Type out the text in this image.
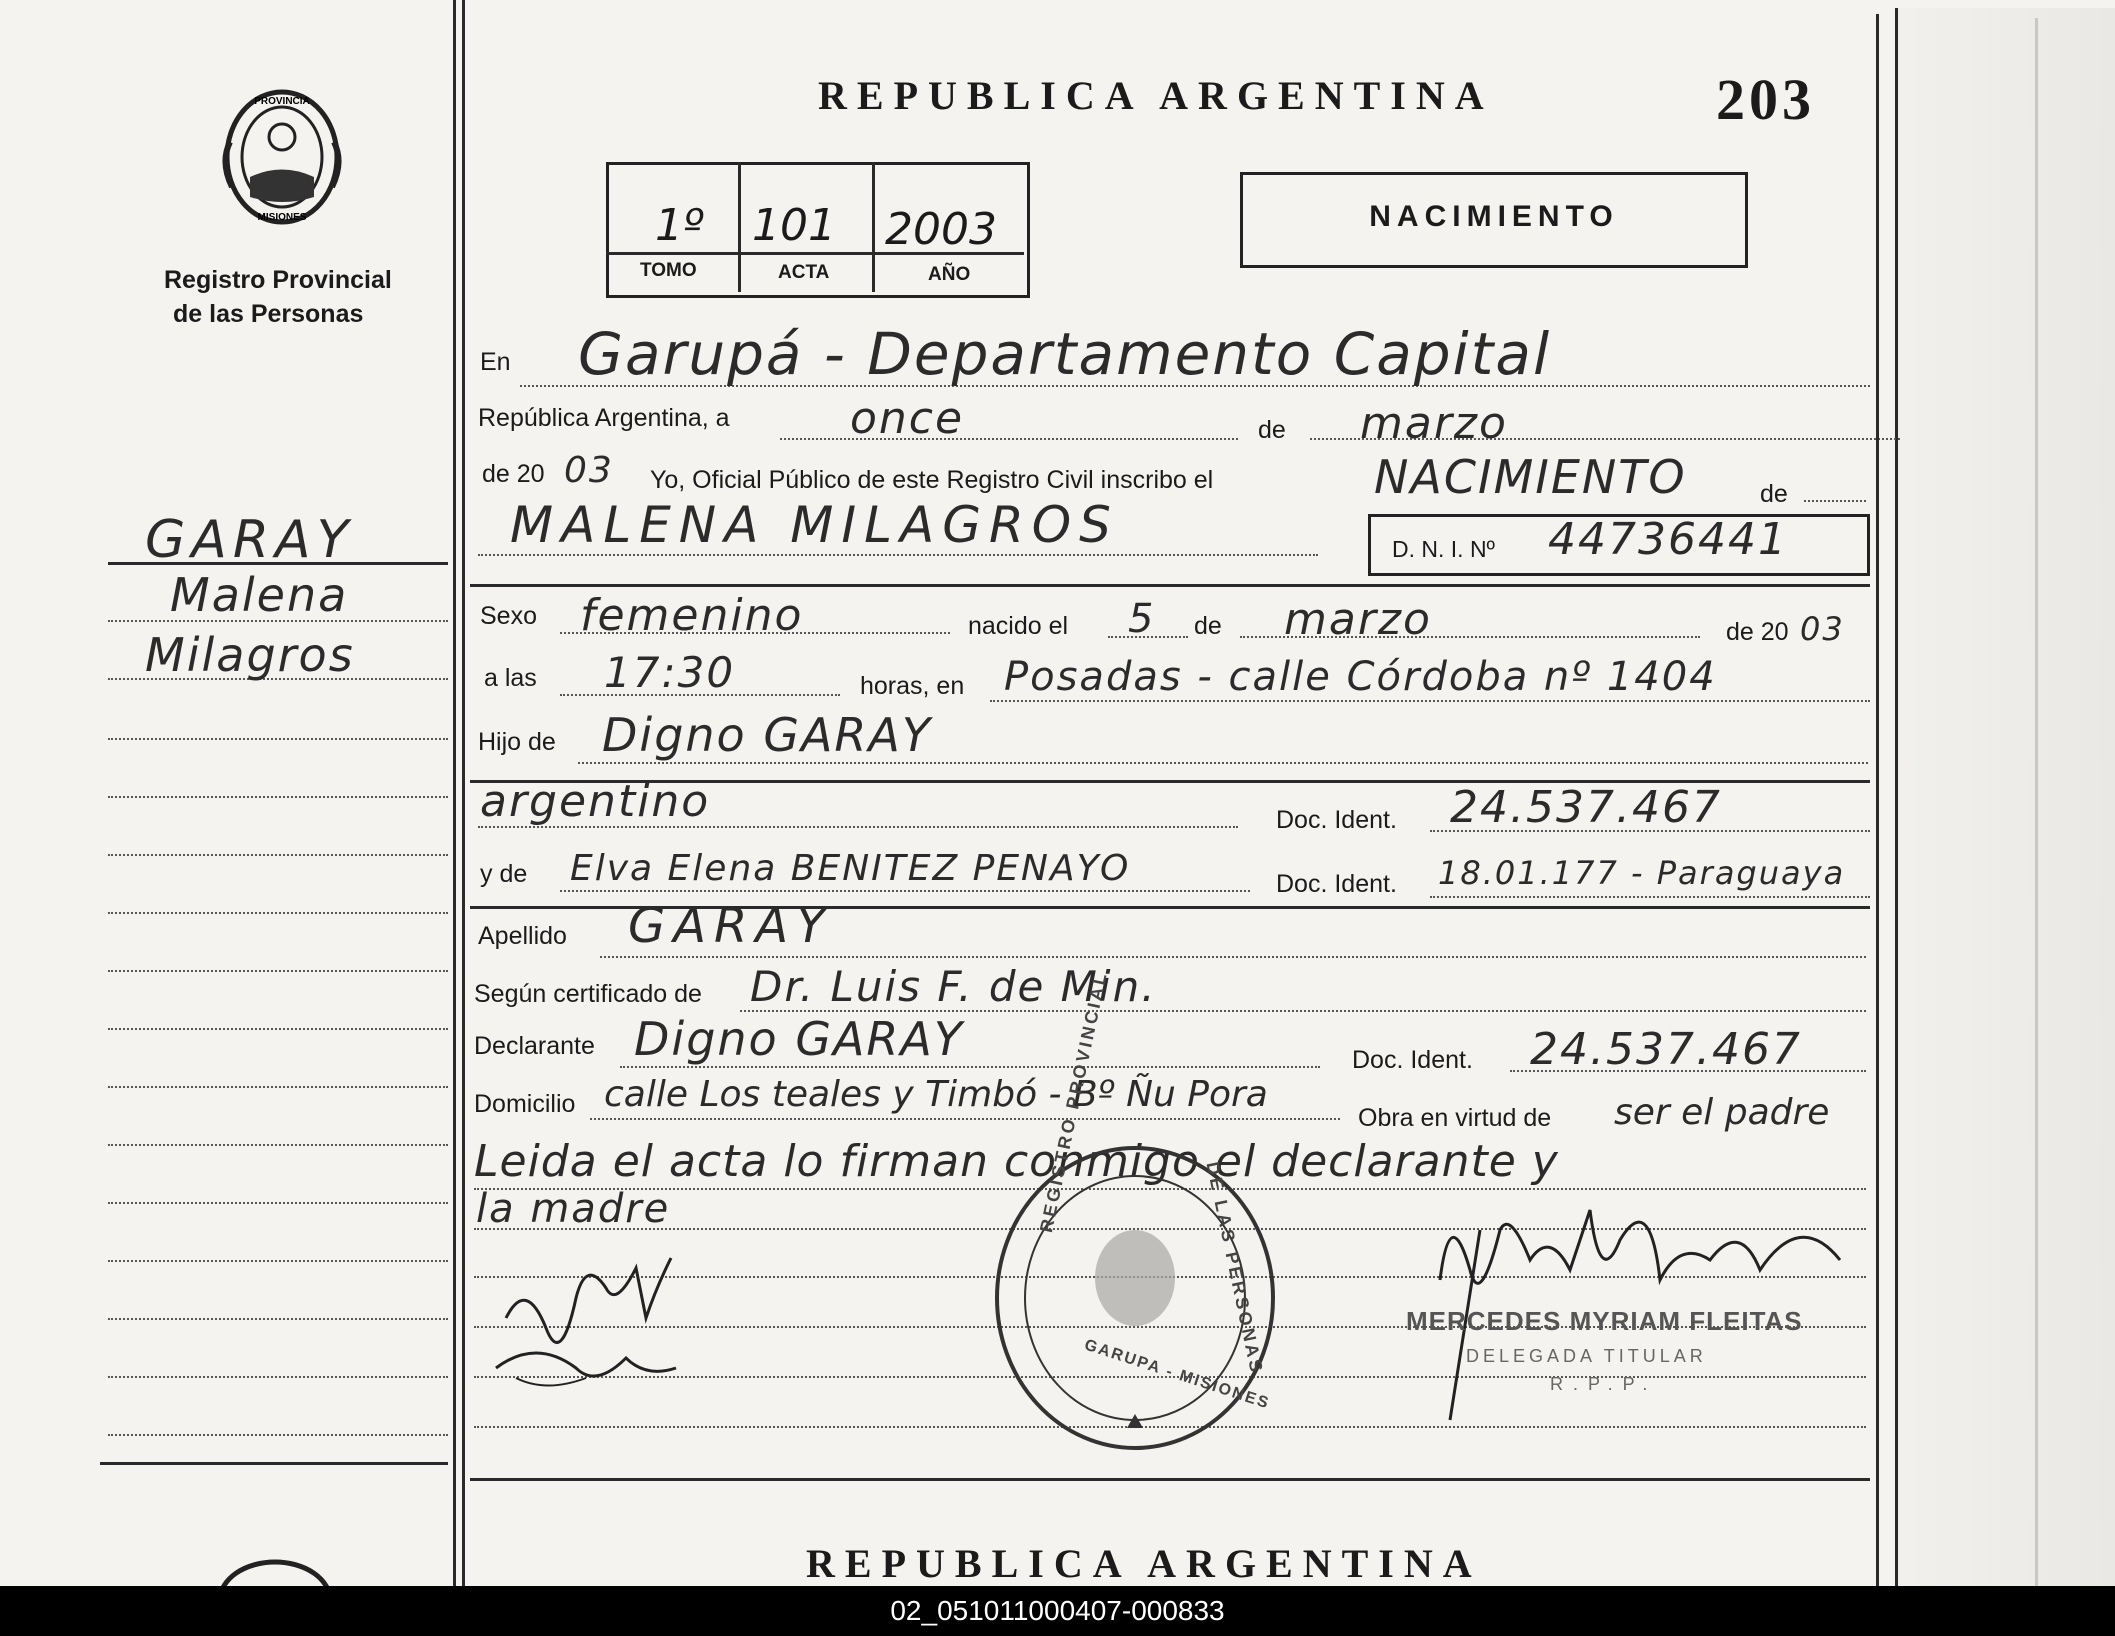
PROVINCIA
MISIONES
Registro Provincial
de las Personas
GARAY
Malena
Milagros
REPUBLICA ARGENTINA	203
1º 101 2003
TOMO	ACTA	AÑO
NACIMIENTO
En Garupá - Departamento Capital
República Argentina, a	once	de marzo
de 20 03 Yo, Oficial Público de este Registro Civil inscribo el	NACIMIENTO	de
MALENA MILAGROS	D. N. I. Nº 44736441
Sexo femenino	nacido el 5 de marzo	de 20 03
a las 17:30	horas, en Posadas - calle Córdoba nº 1404
Hijo de Digno GARAY
argentino	Doc. Ident. 24.537.467
y de Elva Elena BENITEZ PENAYO	Doc. Ident. 18.01.177 - Paraguaya
Apellido GARAY
Según certificado de Dr. Luis F. de Min.
Declarante Digno GARAY	Doc. Ident. 24.537.467
Domicilio calle Los teales y Timbó - Bº Ñu Pora
Obra en virtud de ser el padre
Leida el acta lo firman conmigo el declarante y
la madre	REGISTRO PROVINCIAL
DE LAS PERSONAS
GARUPA - MISIONES
MERCEDES MYRIAM FLEITAS
DELEGADA TITULAR
R.P.P.
REPUBLICA ARGENTINA
02_051011000407-000833
